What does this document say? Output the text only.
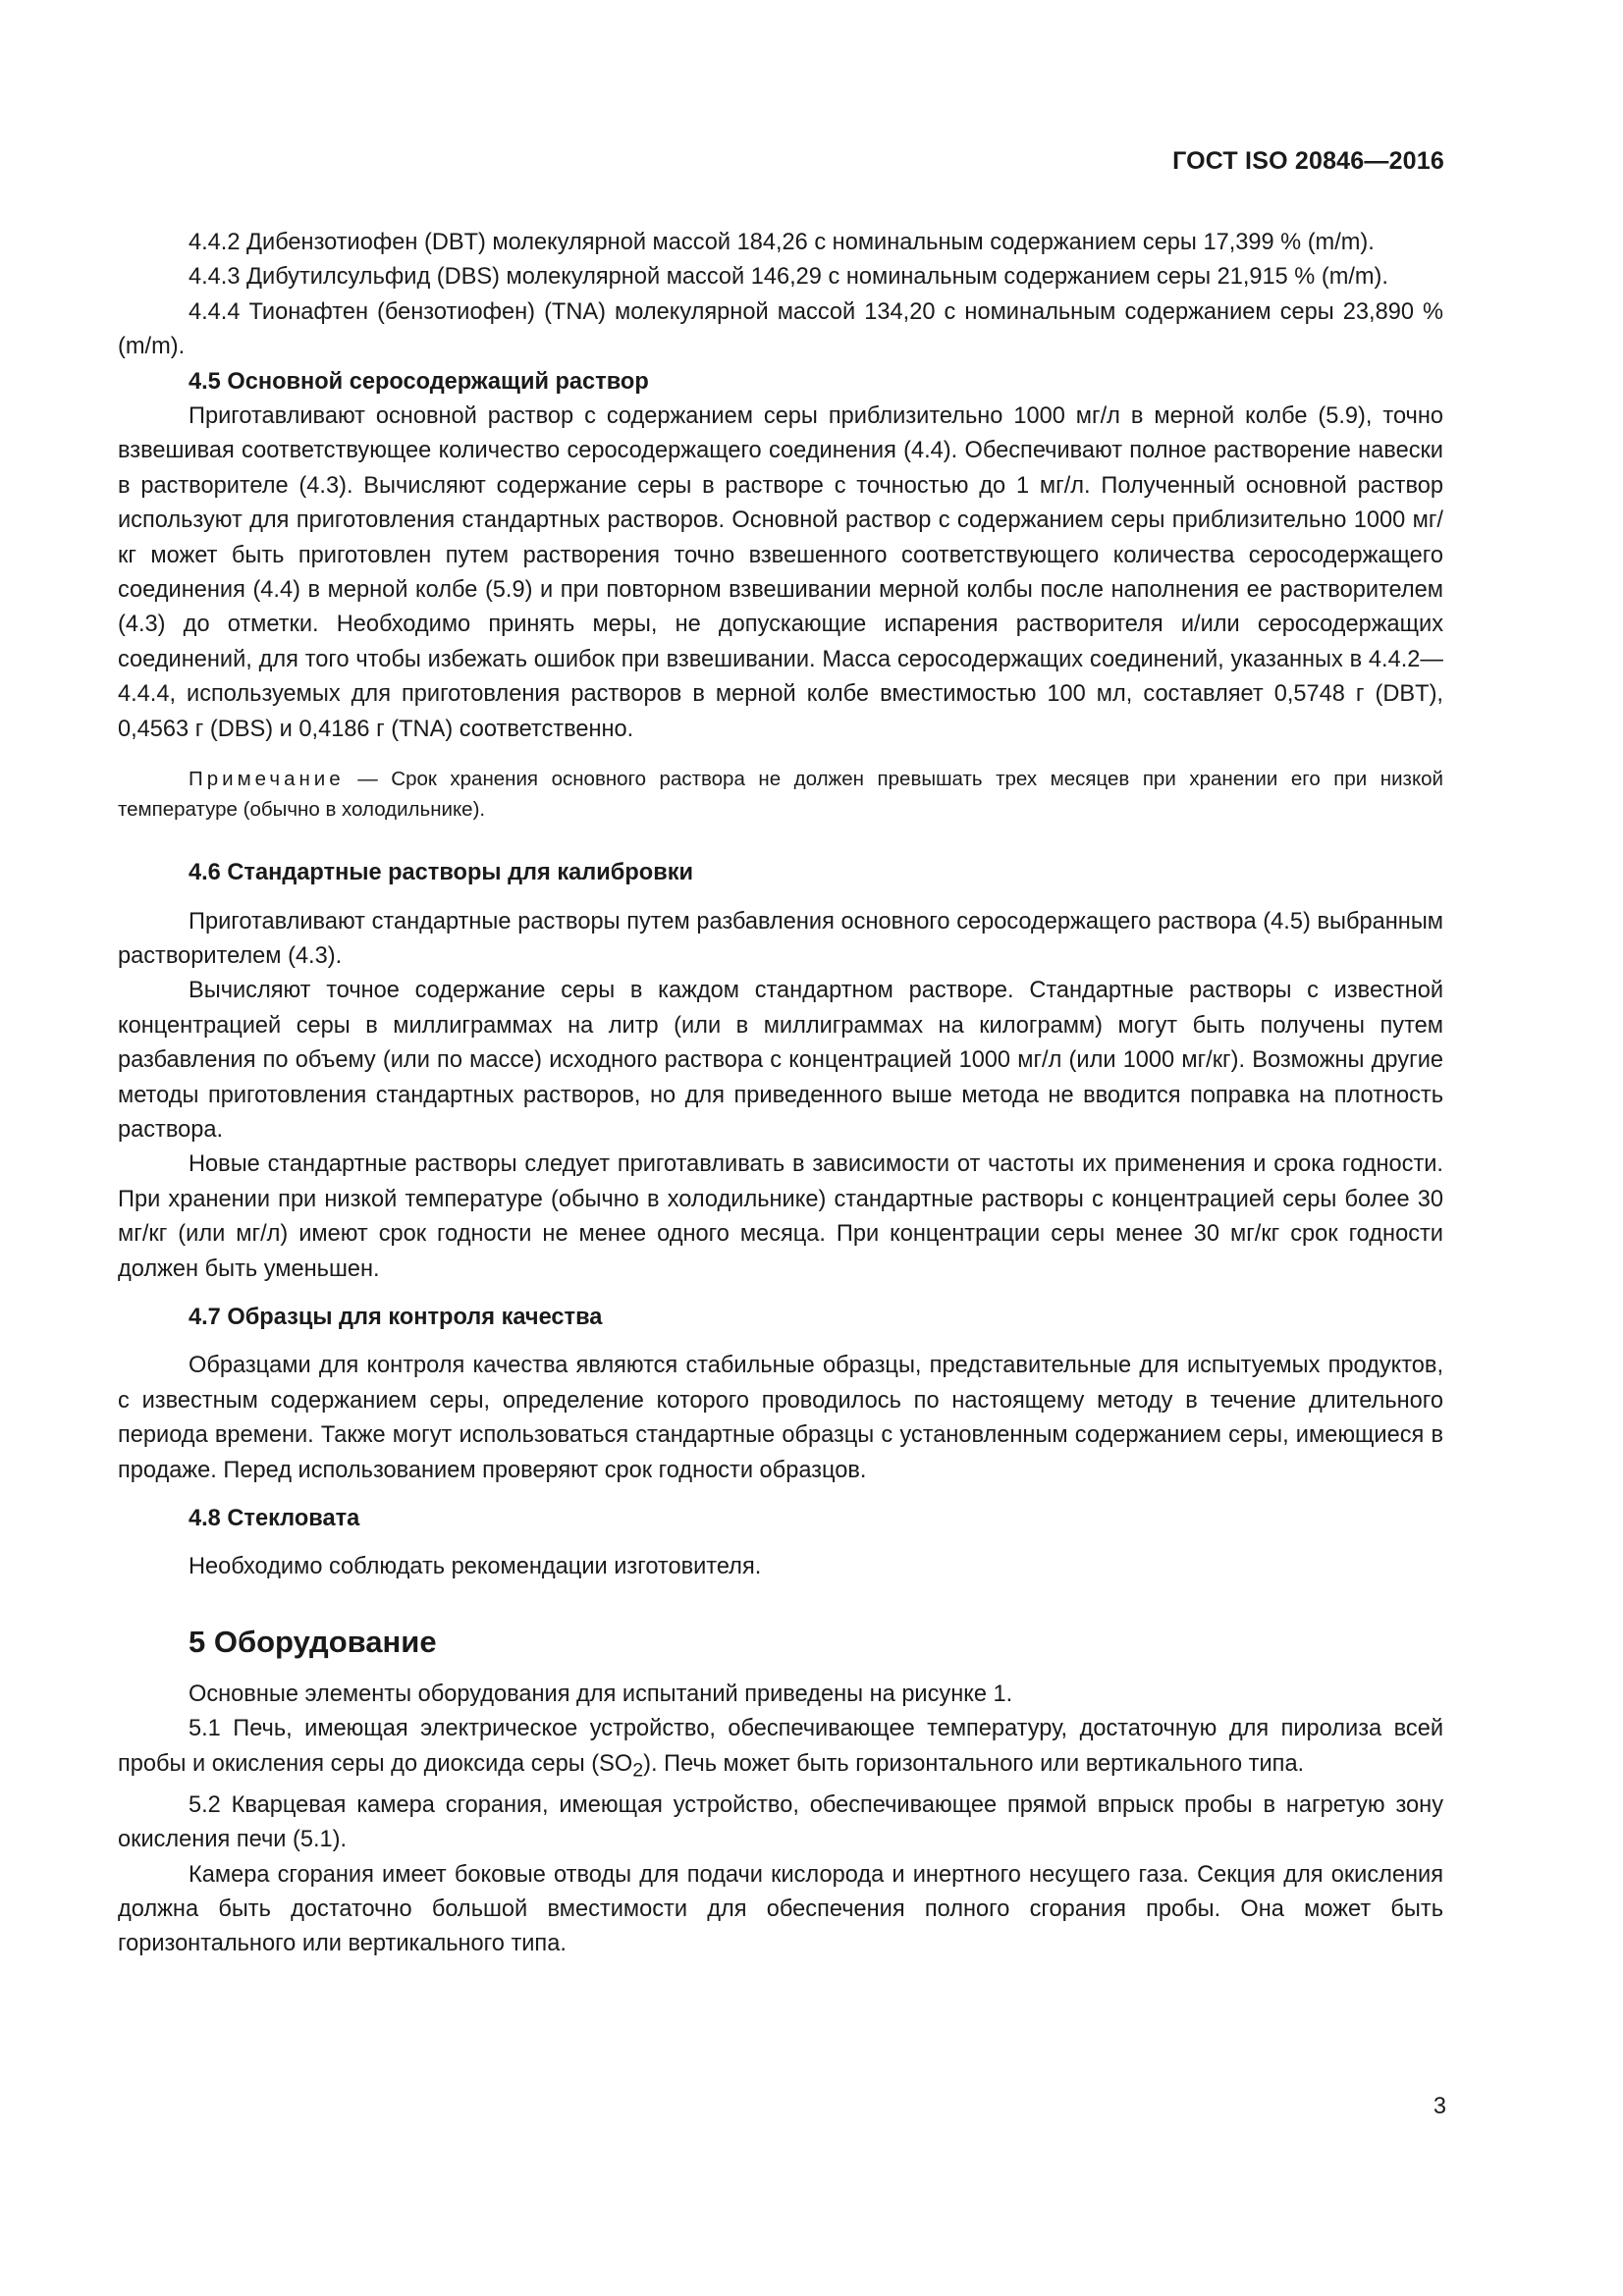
ГОСТ ISO 20846—2016

4.4.2 Дибензотиофен (DBT) молекулярной массой 184,26 с номинальным содержанием серы 17,399 % (m/m).

4.4.3 Дибутилсульфид (DBS) молекулярной массой 146,29 с номинальным содержанием серы 21,915 % (m/m).

4.4.4 Тионафтен (бензотиофен) (TNA) молекулярной массой 134,20 с номинальным содержанием серы 23,890 % (m/m).

4.5 Основной серосодержащий раствор

Приготавливают основной раствор с содержанием серы приблизительно 1000 мг/л в мерной колбе (5.9), точно взвешивая соответствующее количество серосодержащего соединения (4.4). Обеспечивают полное растворение навески в растворителе (4.3). Вычисляют содержание серы в растворе с точностью до 1 мг/л. Полученный основной раствор используют для приготовления стандартных растворов. Основной раствор с содержанием серы приблизительно 1000 мг/кг может быть приготовлен путем растворения точно взвешенного соответствующего количества серосодержащего соединения (4.4) в мерной колбе (5.9) и при повторном взвешивании мерной колбы после наполнения ее растворителем (4.3) до отметки. Необходимо принять меры, не допускающие испарения растворителя и/или серосодержащих соединений, для того чтобы избежать ошибок при взвешивании. Масса серосодержащих соединений, указанных в 4.4.2—4.4.4, используемых для приготовления растворов в мерной колбе вместимостью 100 мл, составляет 0,5748 г (DBT), 0,4563 г (DBS) и 0,4186 г (TNA) соответственно.

Примечание — Срок хранения основного раствора не должен превышать трех месяцев при хранении его при низкой температуре (обычно в холодильнике).
4.6 Стандартные растворы для калибровки

Приготавливают стандартные растворы путем разбавления основного серосодержащего раствора (4.5) выбранным растворителем (4.3).

Вычисляют точное содержание серы в каждом стандартном растворе. Стандартные растворы с известной концентрацией серы в миллиграммах на литр (или в миллиграммах на килограмм) могут быть получены путем разбавления по объему (или по массе) исходного раствора с концентрацией 1000 мг/л (или 1000 мг/кг). Возможны другие методы приготовления стандартных растворов, но для приведенного выше метода не вводится поправка на плотность раствора.

Новые стандартные растворы следует приготавливать в зависимости от частоты их применения и срока годности. При хранении при низкой температуре (обычно в холодильнике) стандартные растворы с концентрацией серы более 30 мг/кг (или мг/л) имеют срок годности не менее одного месяца. При концентрации серы менее 30 мг/кг срок годности должен быть уменьшен.

4.7 Образцы для контроля качества

Образцами для контроля качества являются стабильные образцы, представительные для испытуемых продуктов, с известным содержанием серы, определение которого проводилось по настоящему методу в течение длительного периода времени. Также могут использоваться стандартные образцы с установленным содержанием серы, имеющиеся в продаже. Перед использованием проверяют срок годности образцов.

4.8 Стекловата

Необходимо соблюдать рекомендации изготовителя.

5 Оборудование

Основные элементы оборудования для испытаний приведены на рисунке 1.

5.1 Печь, имеющая электрическое устройство, обеспечивающее температуру, достаточную для пиролиза всей пробы и окисления серы до диоксида серы $(SO_2)$. Печь может быть горизонтального или вертикального типа.

5.2 Кварцевая камера сгорания, имеющая устройство, обеспечивающее прямой впрыск пробы в нагретую зону окисления печи (5.1).

Камера сгорания имеет боковые отводы для подачи кислорода и инертного несущего газа. Секция для окисления должна быть достаточно большой вместимости для обеспечения полного сгорания пробы. Она может быть горизонтального или вертикального типа.

3
